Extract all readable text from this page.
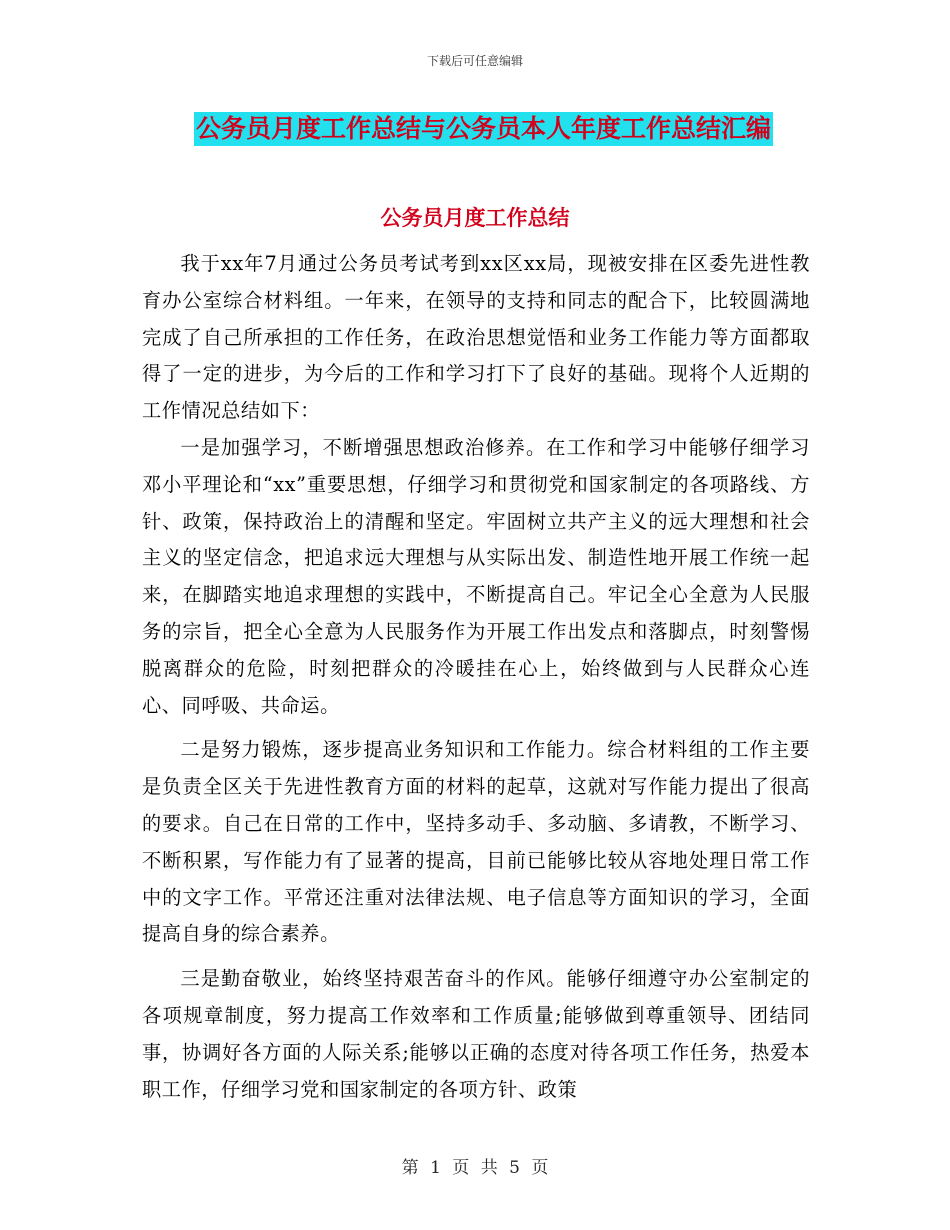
下载后可任意编辑
公务员月度工作总结与公务员本人年度工作总结汇编
公务员月度工作总结

我于xx年7月通过公务员考试考到xx区xx局，现被安排在区委先进性教育办公室综合材料组。一年来，在领导的支持和同志的配合下，比较圆满地完成了自己所承担的工作任务，在政治思想觉悟和业务工作能力等方面都取得了一定的进步，为今后的工作和学习打下了良好的基础。现将个人近期的工作情况总结如下：

一是加强学习，不断增强思想政治修养。在工作和学习中能够仔细学习邓小平理论和“xx”重要思想，仔细学习和贯彻党和国家制定的各项路线、方针、政策，保持政治上的清醒和坚定。牢固树立共产主义的远大理想和社会主义的坚定信念，把追求远大理想与从实际出发、制造性地开展工作统一起来，在脚踏实地追求理想的实践中，不断提高自己。牢记全心全意为人民服务的宗旨，把全心全意为人民服务作为开展工作出发点和落脚点，时刻警惕脱离群众的危险，时刻把群众的冷暖挂在心上，始终做到与人民群众心连心、同呼吸、共命运。

二是努力锻炼，逐步提高业务知识和工作能力。综合材料组的工作主要是负责全区关于先进性教育方面的材料的起草，这就对写作能力提出了很高的要求。自己在日常的工作中，坚持多动手、多动脑、多请教，不断学习、不断积累，写作能力有了显著的提高，目前已能够比较从容地处理日常工作中的文字工作。平常还注重对法律法规、电子信息等方面知识的学习，全面提高自身的综合素养。

三是勤奋敬业，始终坚持艰苦奋斗的作风。能够仔细遵守办公室制定的各项规章制度，努力提高工作效率和工作质量;能够做到尊重领导、团结同事，协调好各方面的人际关系;能够以正确的态度对待各项工作任务，热爱本职工作，仔细学习党和国家制定的各项方针、政策

第 1 页 共 5 页
